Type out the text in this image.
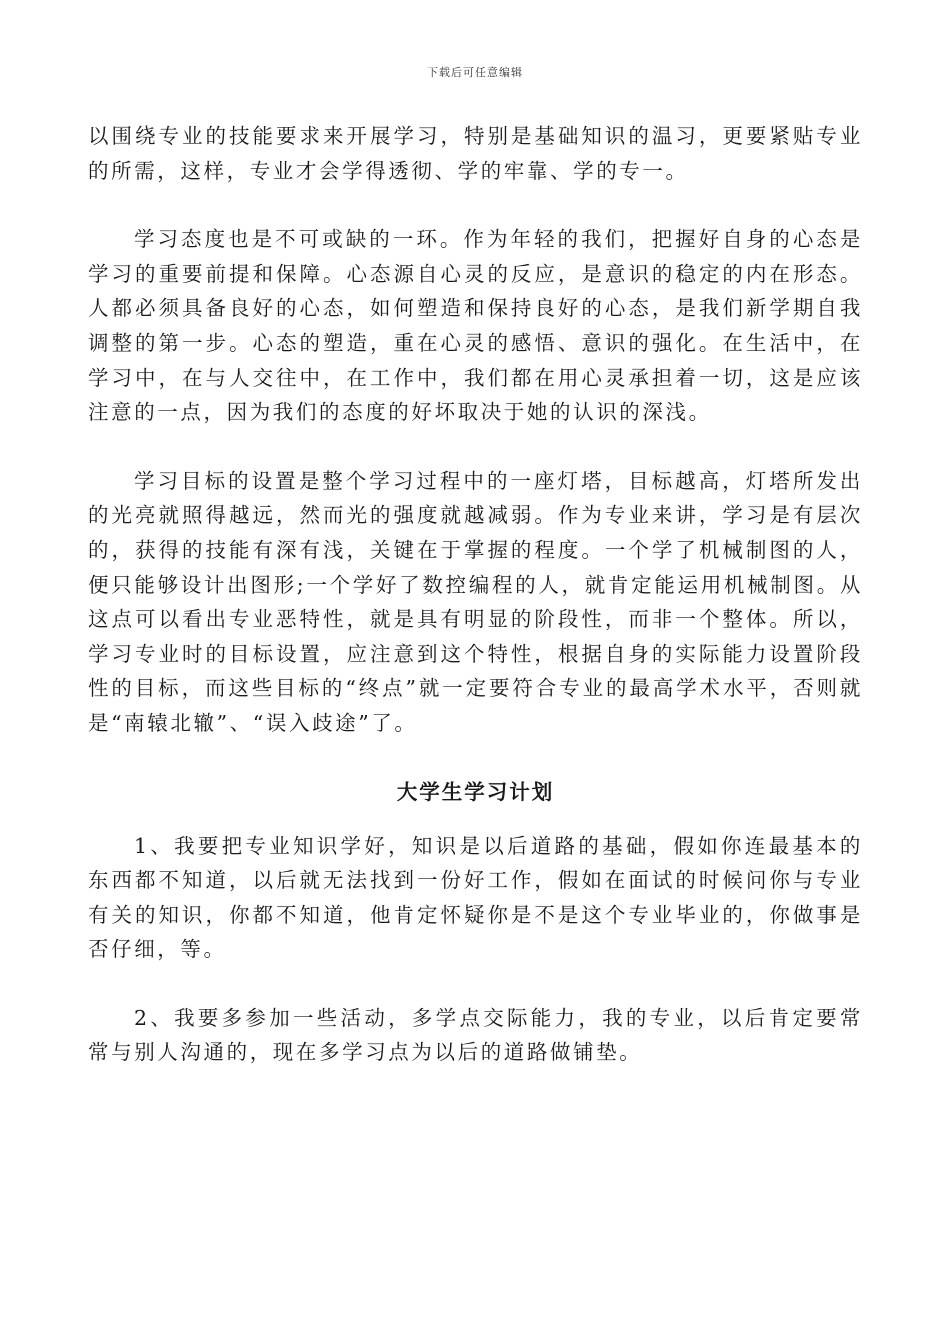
下载后可任意编辑

以围绕专业的技能要求来开展学习，特别是基础知识的温习，更要紧贴专业的所需，这样，专业才会学得透彻、学的牢靠、学的专一。

学习态度也是不可或缺的一环。作为年轻的我们，把握好自身的心态是学习的重要前提和保障。心态源自心灵的反应，是意识的稳定的内在形态。人都必须具备良好的心态，如何塑造和保持良好的心态，是我们新学期自我调整的第一步。心态的塑造，重在心灵的感悟、意识的强化。在生活中，在学习中，在与人交往中，在工作中，我们都在用心灵承担着一切，这是应该注意的一点，因为我们的态度的好坏取决于她的认识的深浅。

学习目标的设置是整个学习过程中的一座灯塔，目标越高，灯塔所发出的光亮就照得越远，然而光的强度就越减弱。作为专业来讲，学习是有层次的，获得的技能有深有浅，关键在于掌握的程度。一个学了机械制图的人，便只能够设计出图形;一个学好了数控编程的人，就肯定能运用机械制图。从这点可以看出专业恶特性，就是具有明显的阶段性，而非一个整体。所以，学习专业时的目标设置，应注意到这个特性，根据自身的实际能力设置阶段性的目标，而这些目标的“终点”就一定要符合专业的最高学术水平，否则就是“南辕北辙”、“误入歧途”了。

大学生学习计划

1、我要把专业知识学好，知识是以后道路的基础，假如你连最基本的东西都不知道，以后就无法找到一份好工作，假如在面试的时候问你与专业有关的知识，你都不知道，他肯定怀疑你是不是这个专业毕业的，你做事是否仔细，等。

2、我要多参加一些活动，多学点交际能力，我的专业，以后肯定要常常与别人沟通的，现在多学习点为以后的道路做铺垫。
